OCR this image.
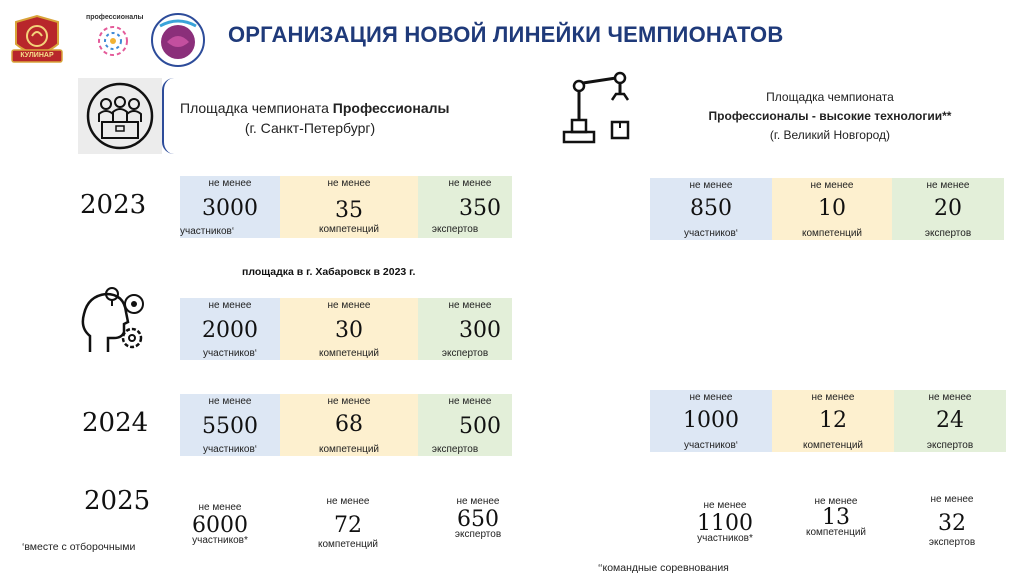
КУЛИНАР
профессионалы
ОРГАНИЗАЦИЯ НОВОЙ ЛИНЕЙКИ ЧЕМПИОНАТОВ
Площадка чемпионата Профессионалы
(г. Санкт-Петербург)
Площадка чемпионата
Профессионалы - высокие технологии**
(г. Великий Новгород)
2023
2024
2025
не менее
3000
участников‘
не менее
35
компетенций
не менее
350
экспертов
не менее
850
участников‘
не менее
10
компетенций
не менее
20
экспертов
площадка в г. Хабаровск в 2023 г.
не менее
2000
участников‘
не менее
30
компетенций
не менее
300
экспертов
не менее
5500
участников‘
не менее
68
компетенций
не менее
500
экспертов
не менее
1000
участников‘
не менее
12
компетенций
не менее
24
экспертов
не менее
6000
участников*
не менее
72
компетенций
не менее
650
экспертов
не менее
1100
участников*
не менее
13
компетенций
не менее
32
экспертов
‘вместе с отборочными
‘‘командные соревнования
